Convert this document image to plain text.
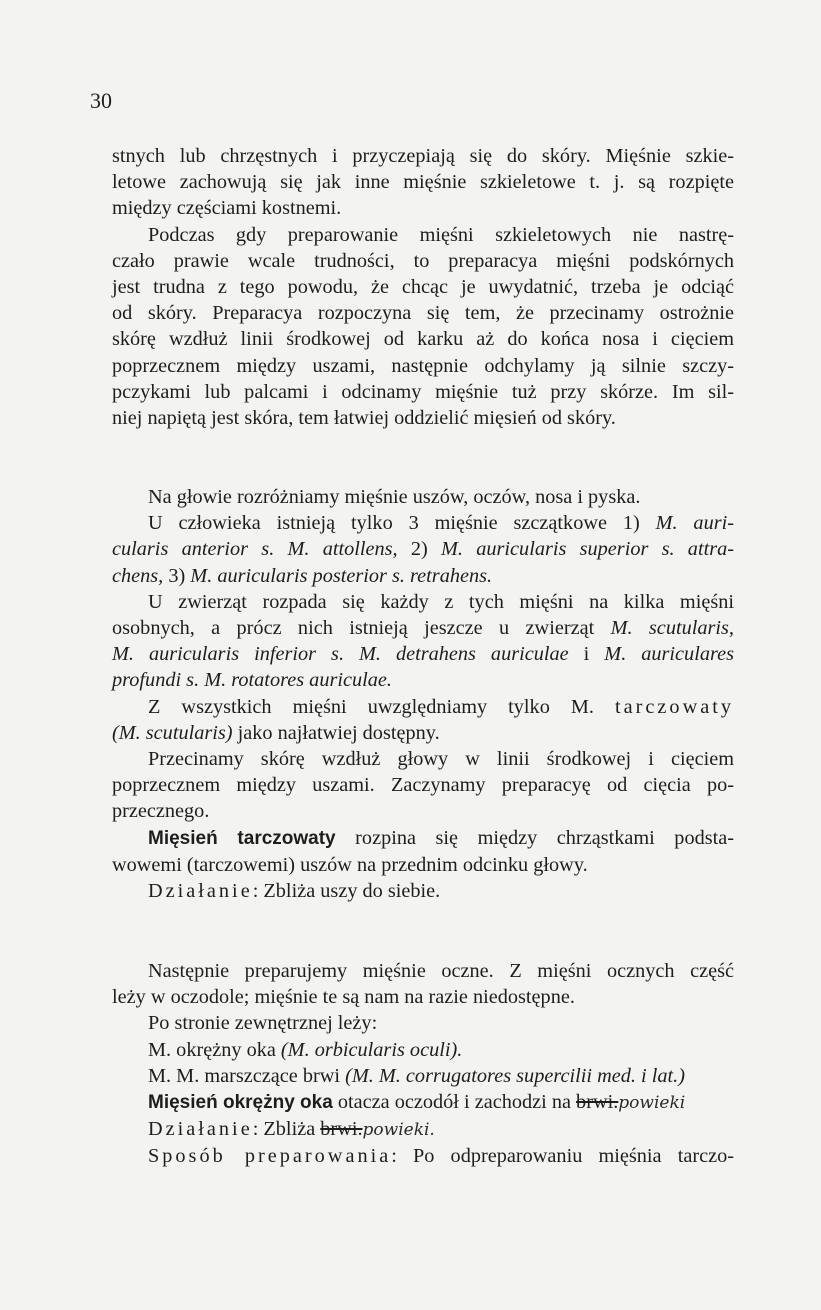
30
stnych lub chrzęstnych i przyczepiają się do skóry. Mięśnie szkie-
letowe zachowują się jak inne mięśnie szkieletowe t. j. są rozpięte
między częściami kostnemi.
Podczas gdy preparowanie mięśni szkieletowych nie nastrę-
czało prawie wcale trudności, to preparacya mięśni podskórnych
jest trudna z tego powodu, że chcąc je uwydatnić, trzeba je odciąć
od skóry. Preparacya rozpoczyna się tem, że przecinamy ostrożnie
skórę wzdłuż linii środkowej od karku aż do końca nosa i cięciem
poprzecznem między uszami, następnie odchylamy ją silnie szczy-
pczykami lub palcami i odcinamy mięśnie tuż przy skórze. Im sil-
niej napiętą jest skóra, tem łatwiej oddzielić mięsień od skóry.
Na głowie rozróżniamy mięśnie uszów, oczów, nosa i pyska.
U człowieka istnieją tylko 3 mięśnie szczątkowe 1) M. auri-
cularis anterior s. M. attollens, 2) M. auricularis superior s. attra-
chens, 3) M. auricularis posterior s. retrahens.
U zwierząt rozpada się każdy z tych mięśni na kilka mięśni
osobnych, a prócz nich istnieją jeszcze u zwierząt M. scutularis,
M. auricularis inferior s. M. detrahens auriculae i M. auriculares
profundi s. M. rotatores auriculae.
Z wszystkich mięśni uwzględniamy tylko M. tarczowaty
(M. scutularis) jako najłatwiej dostępny.
Przecinamy skórę wzdłuż głowy w linii środkowej i cięciem
poprzecznem między uszami. Zaczynamy preparacyę od cięcia po-
przecznego.
Mięsień tarczowaty rozpina się między chrząstkami podsta-
wowemi (tarczowemi) uszów na przednim odcinku głowy.
Działanie: Zbliża uszy do siebie.
Następnie preparujemy mięśnie oczne. Z mięśni ocznych część
leży w oczodole; mięśnie te są nam na razie niedostępne.
Po stronie zewnętrznej leży:
M. okrężny oka (M. orbicularis oculi).
M. M. marszczące brwi (M. M. corrugatores supercilii med. i lat.)
Mięsień okrężny oka otacza oczodół i zachodzi na brwi.powieki
Działanie: Zbliża brwi.powieki.
Sposób preparowania: Po odpreparowaniu mięśnia tarczo-
